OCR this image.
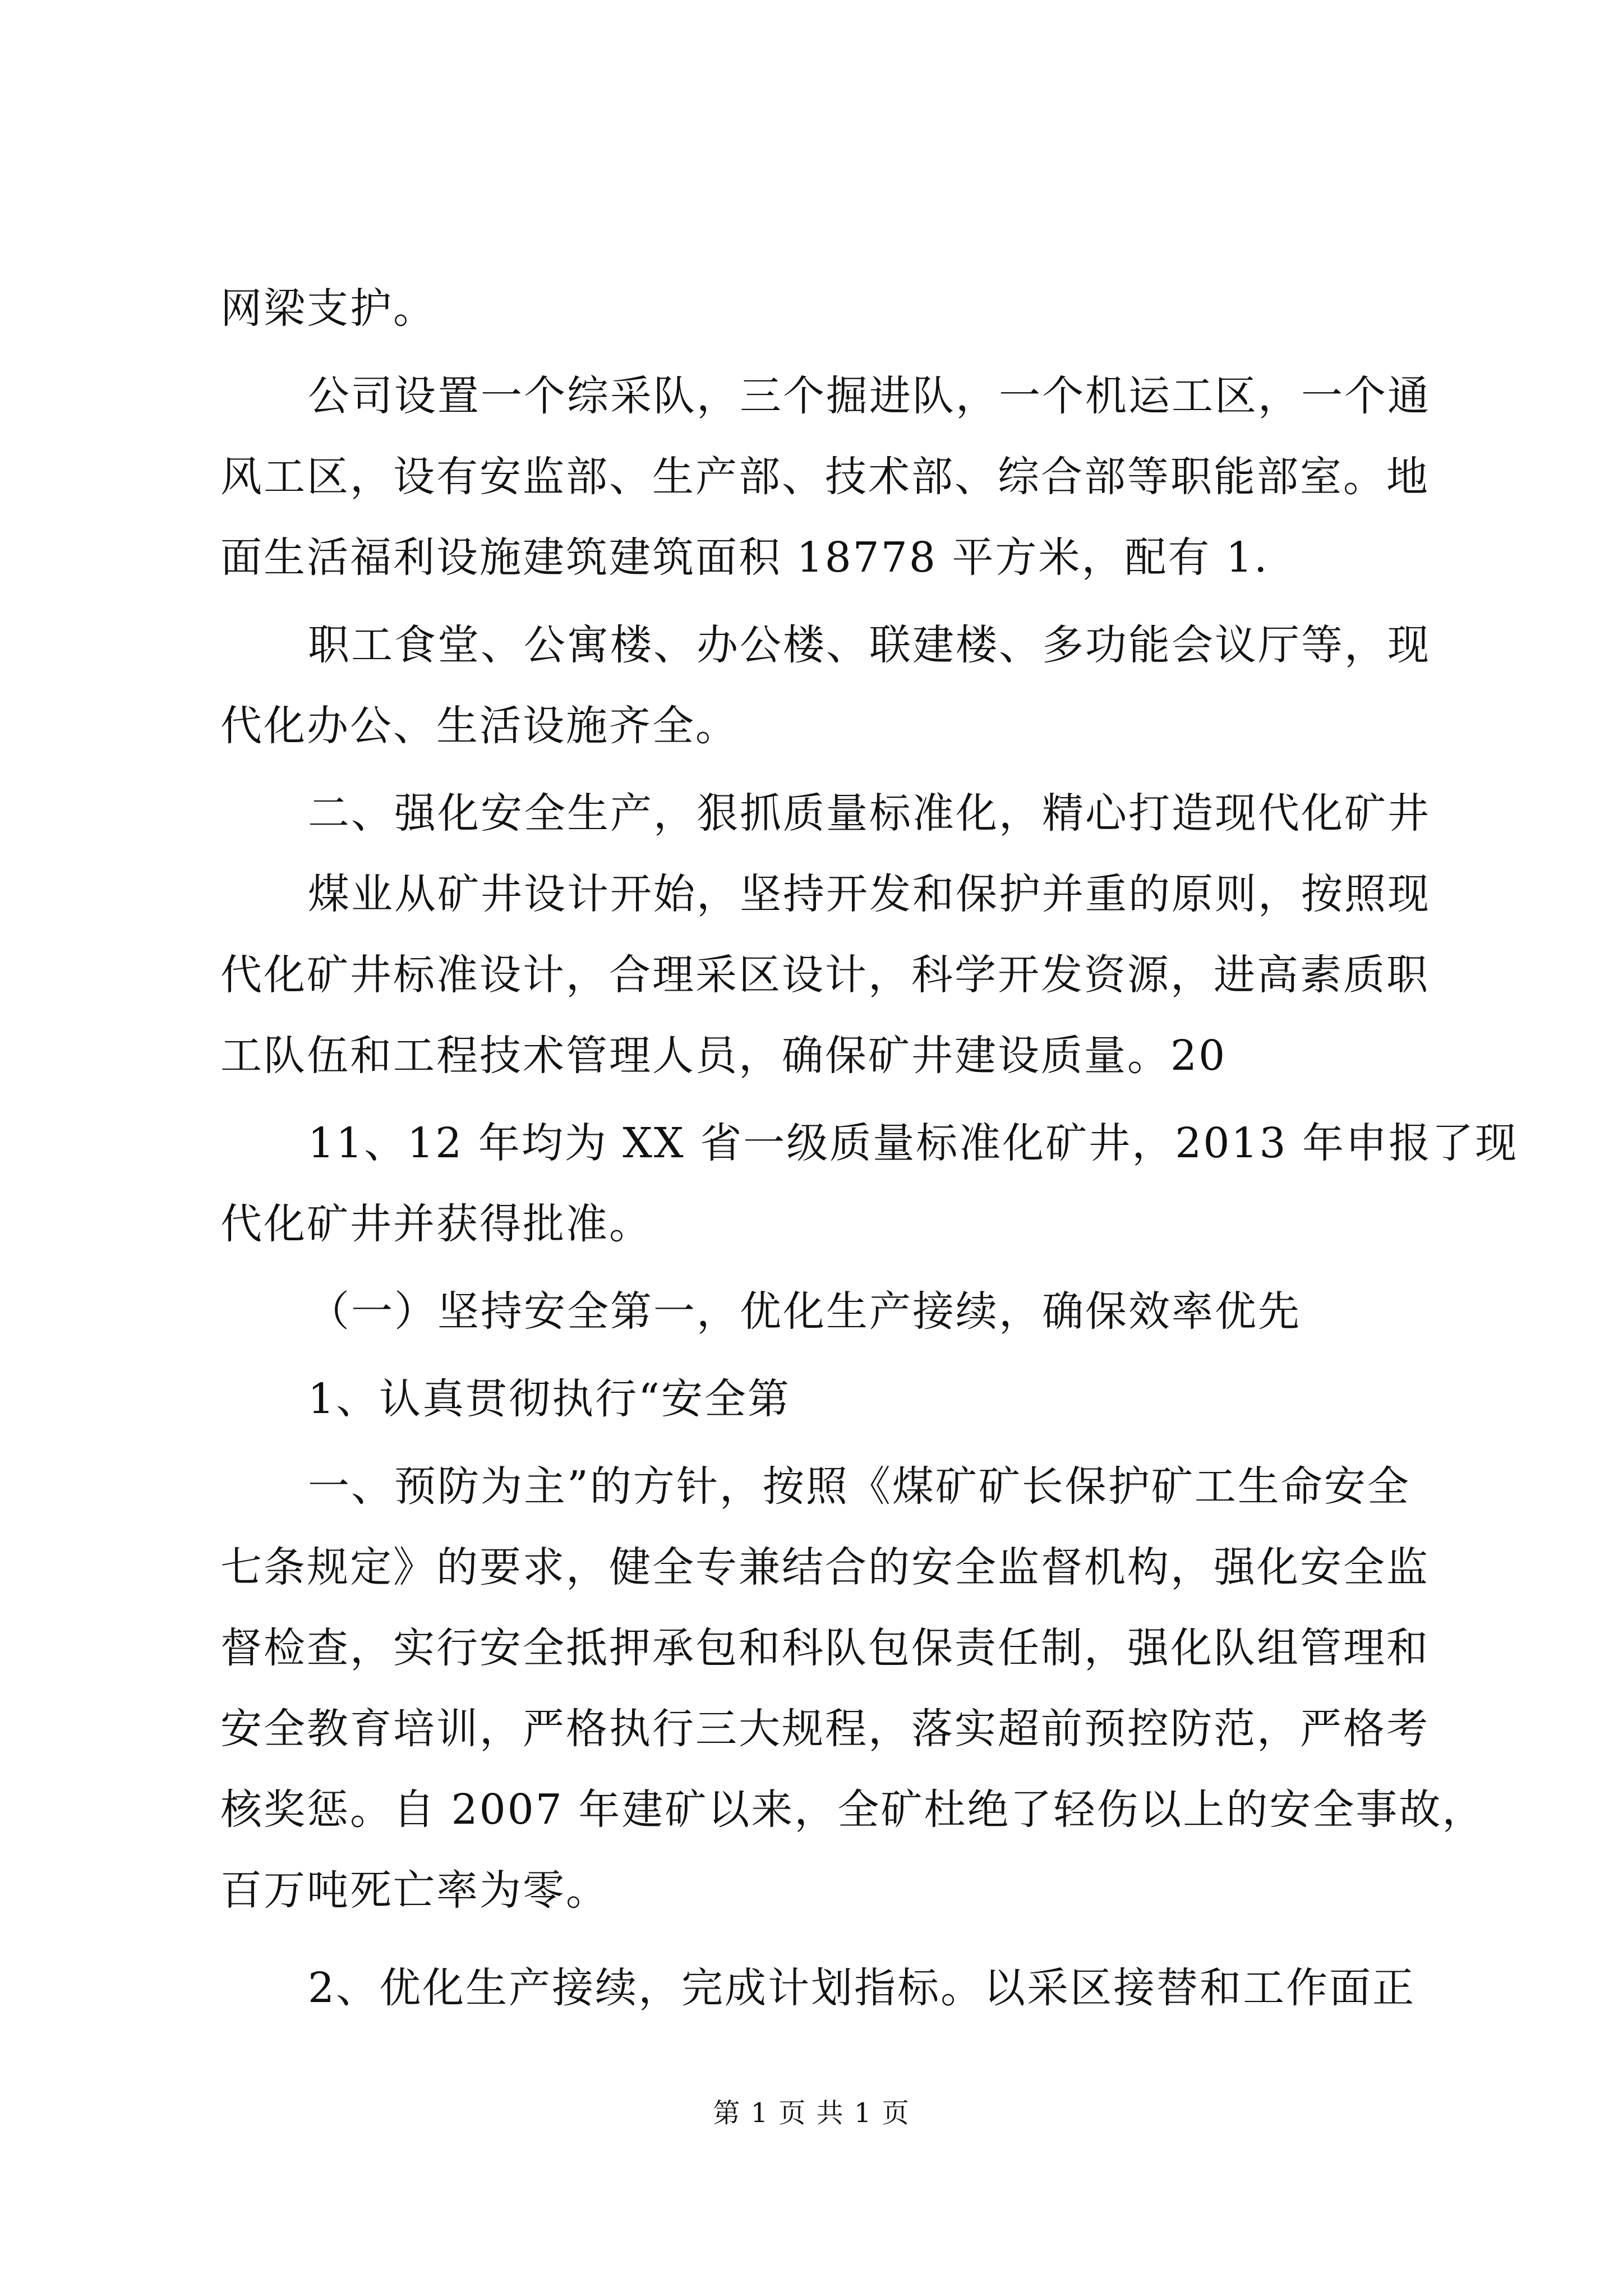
网梁支护。
公司设置一个综采队，三个掘进队，一个机运工区，一个通
风工区，设有安监部、生产部、技术部、综合部等职能部室。地
面生活福利设施建筑建筑面积 18778 平方米，配有 1.
职工食堂、公寓楼、办公楼、联建楼、多功能会议厅等，现
代化办公、生活设施齐全。
二、强化安全生产，狠抓质量标准化，精心打造现代化矿井
煤业从矿井设计开始，坚持开发和保护并重的原则，按照现
代化矿井标准设计，合理采区设计，科学开发资源，进高素质职
工队伍和工程技术管理人员，确保矿井建设质量。20
11、12 年均为 XX 省一级质量标准化矿井，2013 年申报了现
代化矿井并获得批准。
（一）坚持安全第一，优化生产接续，确保效率优先
1、认真贯彻执行“安全第
一、预防为主”的方针，按照《煤矿矿长保护矿工生命安全
七条规定》的要求，健全专兼结合的安全监督机构，强化安全监
督检查，实行安全抵押承包和科队包保责任制，强化队组管理和
安全教育培训，严格执行三大规程，落实超前预控防范，严格考
核奖惩。自 2007 年建矿以来，全矿杜绝了轻伤以上的安全事故，
百万吨死亡率为零。
2、优化生产接续，完成计划指标。以采区接替和工作面正
第 1 页 共 1 页
